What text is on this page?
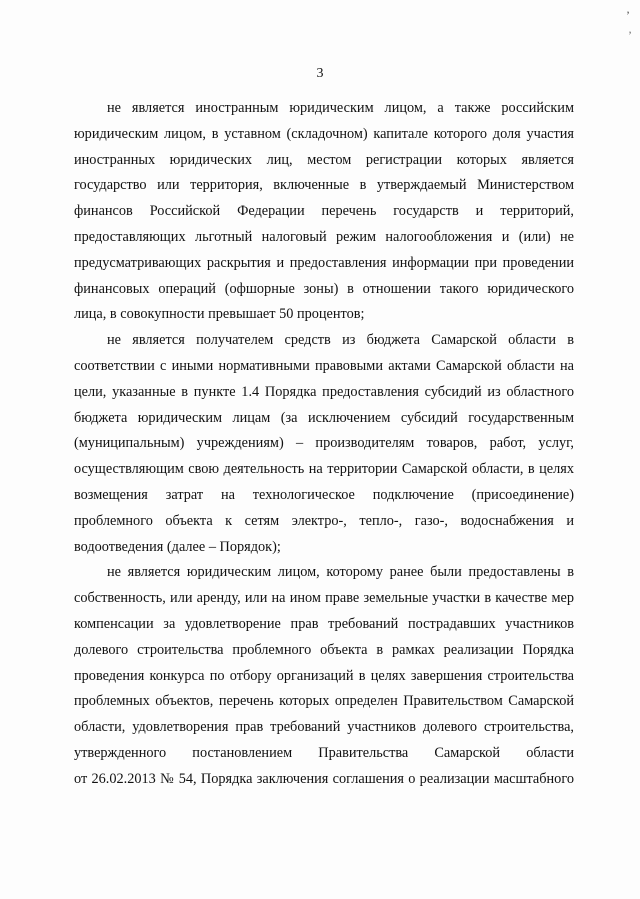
’
’
3
не является иностранным юридическим лицом, а также российским
юридическим лицом, в уставном (складочном) капитале которого доля участия
иностранных юридических лиц, местом регистрации которых является
государство или территория, включенные в утверждаемый Министерством
финансов Российской Федерации перечень государств и территорий,
предоставляющих льготный налоговый режим налогообложения и (или) не
предусматривающих раскрытия и предоставления информации при проведении
финансовых операций (офшорные зоны) в отношении такого юридического
лица, в совокупности превышает 50 процентов;
не является получателем средств из бюджета Самарской области в
соответствии с иными нормативными правовыми актами Самарской области на
цели, указанные в пункте 1.4 Порядка предоставления субсидий из областного
бюджета юридическим лицам (за исключением субсидий государственным
(муниципальным) учреждениям) – производителям товаров, работ, услуг,
осуществляющим свою деятельность на территории Самарской области, в целях
возмещения затрат на технологическое подключение (присоединение)
проблемного объекта к сетям электро-, тепло-, газо-, водоснабжения и
водоотведения (далее – Порядок);
не является юридическим лицом, которому ранее были предоставлены в
собственность, или аренду, или на ином праве земельные участки в качестве мер
компенсации за удовлетворение прав требований пострадавших участников
долевого строительства проблемного объекта в рамках реализации Порядка
проведения конкурса по отбору организаций в целях завершения строительства
проблемных объектов, перечень которых определен Правительством Самарской
области, удовлетворения прав требований участников долевого строительства,
утвержденного постановлением Правительства Самарской области
от 26.02.2013 № 54, Порядка заключения соглашения о реализации масштабного
